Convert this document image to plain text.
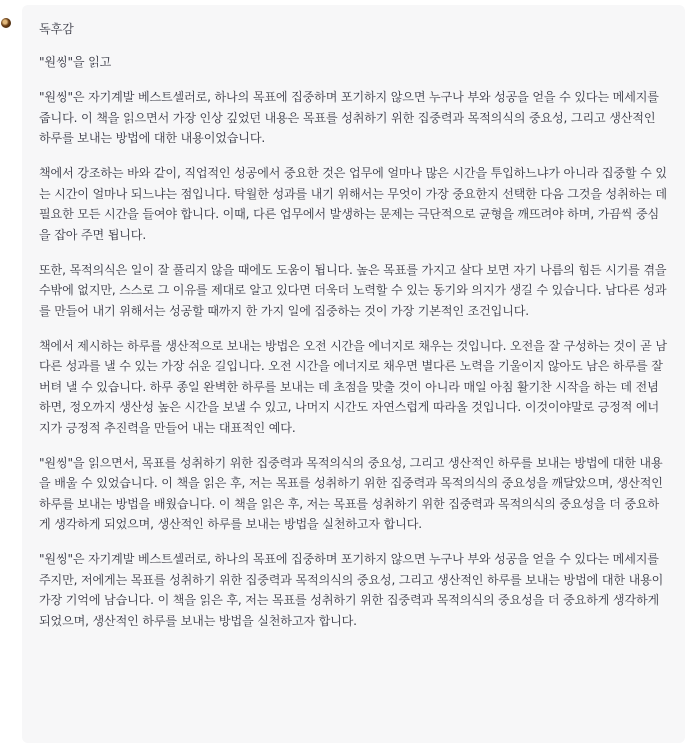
독후감

"원씽"을 읽고

"원씽"은 자기계발 베스트셀러로, 하나의 목표에 집중하며 포기하지 않으면 누구나 부와 성공을 얻을 수 있다는 메세지를 줍니다. 이 책을 읽으면서 가장 인상 깊었던 내용은 목표를 성취하기 위한 집중력과 목적의식의 중요성, 그리고 생산적인 하루를 보내는 방법에 대한 내용이었습니다.

책에서 강조하는 바와 같이, 직업적인 성공에서 중요한 것은 업무에 얼마나 많은 시간을 투입하느냐가 아니라 집중할 수 있는 시간이 얼마나 되느냐는 점입니다. 탁월한 성과를 내기 위해서는 무엇이 가장 중요한지 선택한 다음 그것을 성취하는 데 필요한 모든 시간을 들여야 합니다. 이때, 다른 업무에서 발생하는 문제는 극단적으로 균형을 깨뜨려야 하며, 가끔씩 중심을 잡아 주면 됩니다.

또한, 목적의식은 일이 잘 풀리지 않을 때에도 도움이 됩니다. 높은 목표를 가지고 살다 보면 자기 나름의 힘든 시기를 겪을 수밖에 없지만, 스스로 그 이유를 제대로 알고 있다면 더욱더 노력할 수 있는 동기와 의지가 생길 수 있습니다. 남다른 성과를 만들어 내기 위해서는 성공할 때까지 한 가지 일에 집중하는 것이 가장 기본적인 조건입니다.

책에서 제시하는 하루를 생산적으로 보내는 방법은 오전 시간을 에너지로 채우는 것입니다. 오전을 잘 구성하는 것이 곧 남다른 성과를 낼 수 있는 가장 쉬운 길입니다. 오전 시간을 에너지로 채우면 별다른 노력을 기울이지 않아도 남은 하루를 잘 버텨 낼 수 있습니다. 하루 종일 완벽한 하루를 보내는 데 초점을 맞출 것이 아니라 매일 아침 활기찬 시작을 하는 데 전념하면, 정오까지 생산성 높은 시간을 보낼 수 있고, 나머지 시간도 자연스럽게 따라올 것입니다. 이것이야말로 긍정적 에너지가 긍정적 추진력을 만들어 내는 대표적인 예다.

"원씽"을 읽으면서, 목표를 성취하기 위한 집중력과 목적의식의 중요성, 그리고 생산적인 하루를 보내는 방법에 대한 내용을 배울 수 있었습니다. 이 책을 읽은 후, 저는 목표를 성취하기 위한 집중력과 목적의식의 중요성을 깨달았으며, 생산적인 하루를 보내는 방법을 배웠습니다. 이 책을 읽은 후, 저는 목표를 성취하기 위한 집중력과 목적의식의 중요성을 더 중요하게 생각하게 되었으며, 생산적인 하루를 보내는 방법을 실천하고자 합니다.

"원씽"은 자기계발 베스트셀러로, 하나의 목표에 집중하며 포기하지 않으면 누구나 부와 성공을 얻을 수 있다는 메세지를 주지만, 저에게는 목표를 성취하기 위한 집중력과 목적의식의 중요성, 그리고 생산적인 하루를 보내는 방법에 대한 내용이 가장 기억에 남습니다. 이 책을 읽은 후, 저는 목표를 성취하기 위한 집중력과 목적의식의 중요성을 더 중요하게 생각하게 되었으며, 생산적인 하루를 보내는 방법을 실천하고자 합니다.
